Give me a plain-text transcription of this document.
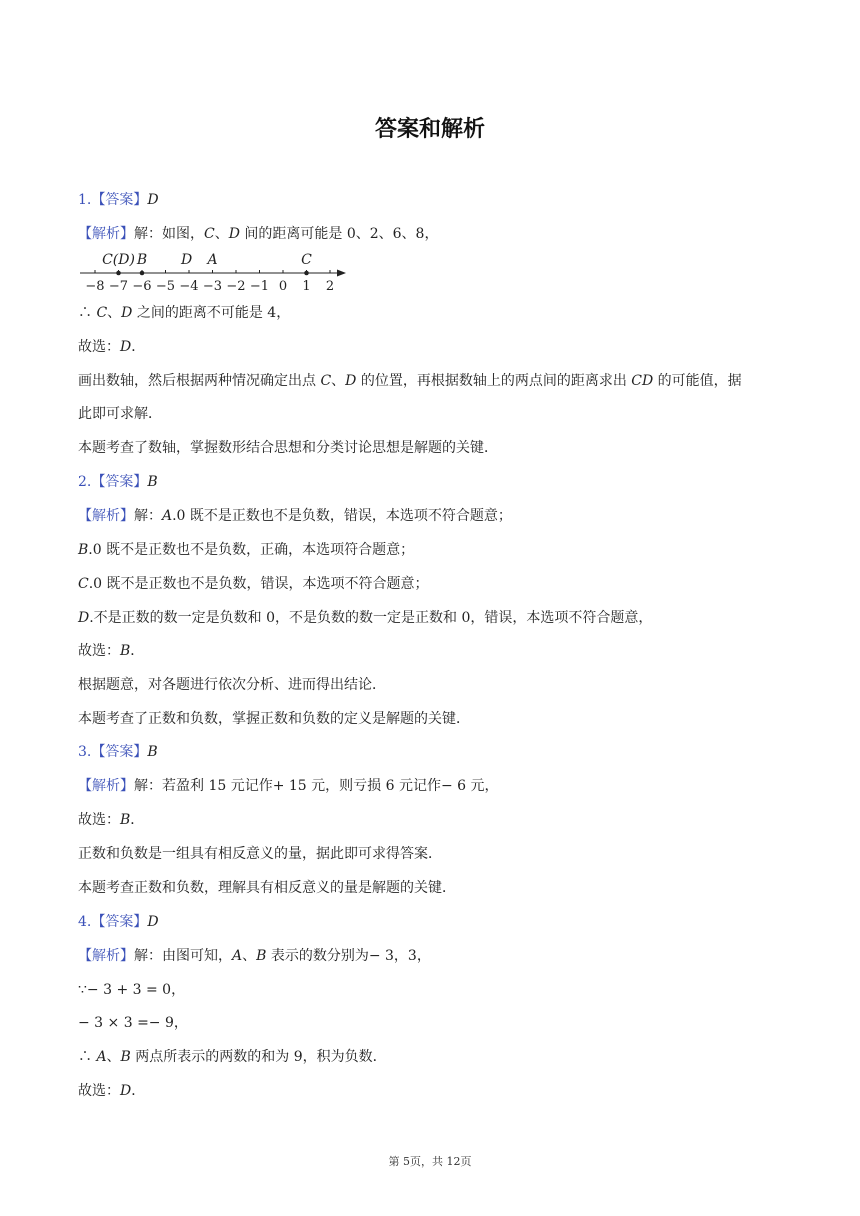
答案和解析
1.【答案】D
【解析】解：如图，𝐶、𝐷 间的距离可能是 0、2、6、8，
−8 −7 −6 −5 −4 −3 −2 −1 0 1 2
C(D) B D A	C
∴ 𝐶、𝐷 之间的距离不可能是 4，
故选：𝐷．
画出数轴，然后根据两种情况确定出点 𝐶、𝐷 的位置，再根据数轴上的两点间的距离求出 𝐶𝐷 的可能值，据
此即可求解．
本题考查了数轴，掌握数形结合思想和分类讨论思想是解题的关键．
2.【答案】B
【解析】解：𝐴.0 既不是正数也不是负数，错误，本选项不符合题意；
𝐵.0 既不是正数也不是负数，正确，本选项符合题意；
𝐶.0 既不是正数也不是负数，错误，本选项不符合题意；
𝐷.不是正数的数一定是负数和 0，不是负数的数一定是正数和 0，错误，本选项不符合题意，
故选：𝐵．
根据题意，对各题进行依次分析、进而得出结论．
本题考查了正数和负数，掌握正数和负数的定义是解题的关键．
3.【答案】B
【解析】解：若盈利 15 元记作+ 15 元，则亏损 6 元记作− 6 元，
故选：𝐵．
正数和负数是一组具有相反意义的量，据此即可求得答案．
本题考查正数和负数，理解具有相反意义的量是解题的关键．
4.【答案】D
【解析】解：由图可知，𝐴、𝐵 表示的数分别为− 3，3，
∵− 3 + 3 = 0，
− 3 × 3 =− 9，
∴ 𝐴、𝐵 两点所表示的两数的和为 9，积为负数．
故选：𝐷．
第 5页，共 12页
